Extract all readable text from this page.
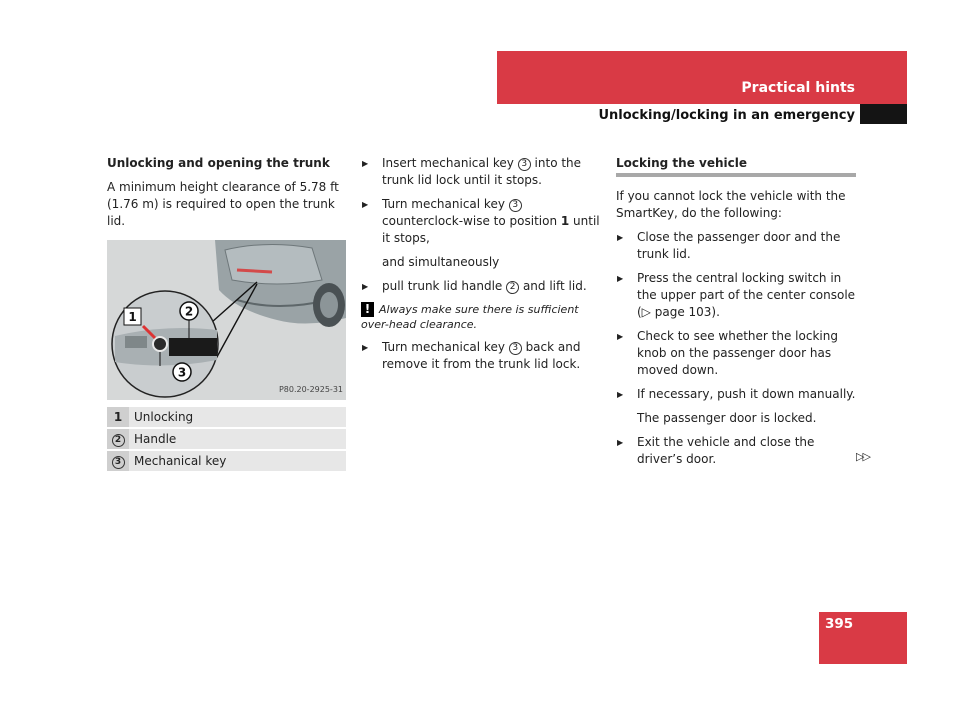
Practical hints
Unlocking/locking in an emergency
Unlocking and opening the trunk

A minimum height clearance of 5.78 ft (1.76 m) is required to open the trunk lid.

1	2
3
P80.20-2925-31
1	Unlocking
2	Handle
3	Mechanical key
▶ Insert mechanical key 3 into the trunk lid lock until it stops.
▶ Turn mechanical key 3 counterclock-wise to position 1 until it stops,

and simultaneously

▶ pull trunk lid handle 2 and lift lid.
! Always make sure there is sufficient over-head clearance.
▶ Turn mechanical key 3 back and remove it from the trunk lid lock.
Locking the vehicle

If you cannot lock the vehicle with the SmartKey, do the following:

▶ Close the passenger door and the trunk lid.
▶ Press the central locking switch in the upper part of the center console
(▷ page 103).
▶ Check to see whether the locking knob on the passenger door has moved down.
▶ If necessary, push it down manually.

The passenger door is locked.

▶ Exit the vehicle and close the driver’s door.	▷▷
395
